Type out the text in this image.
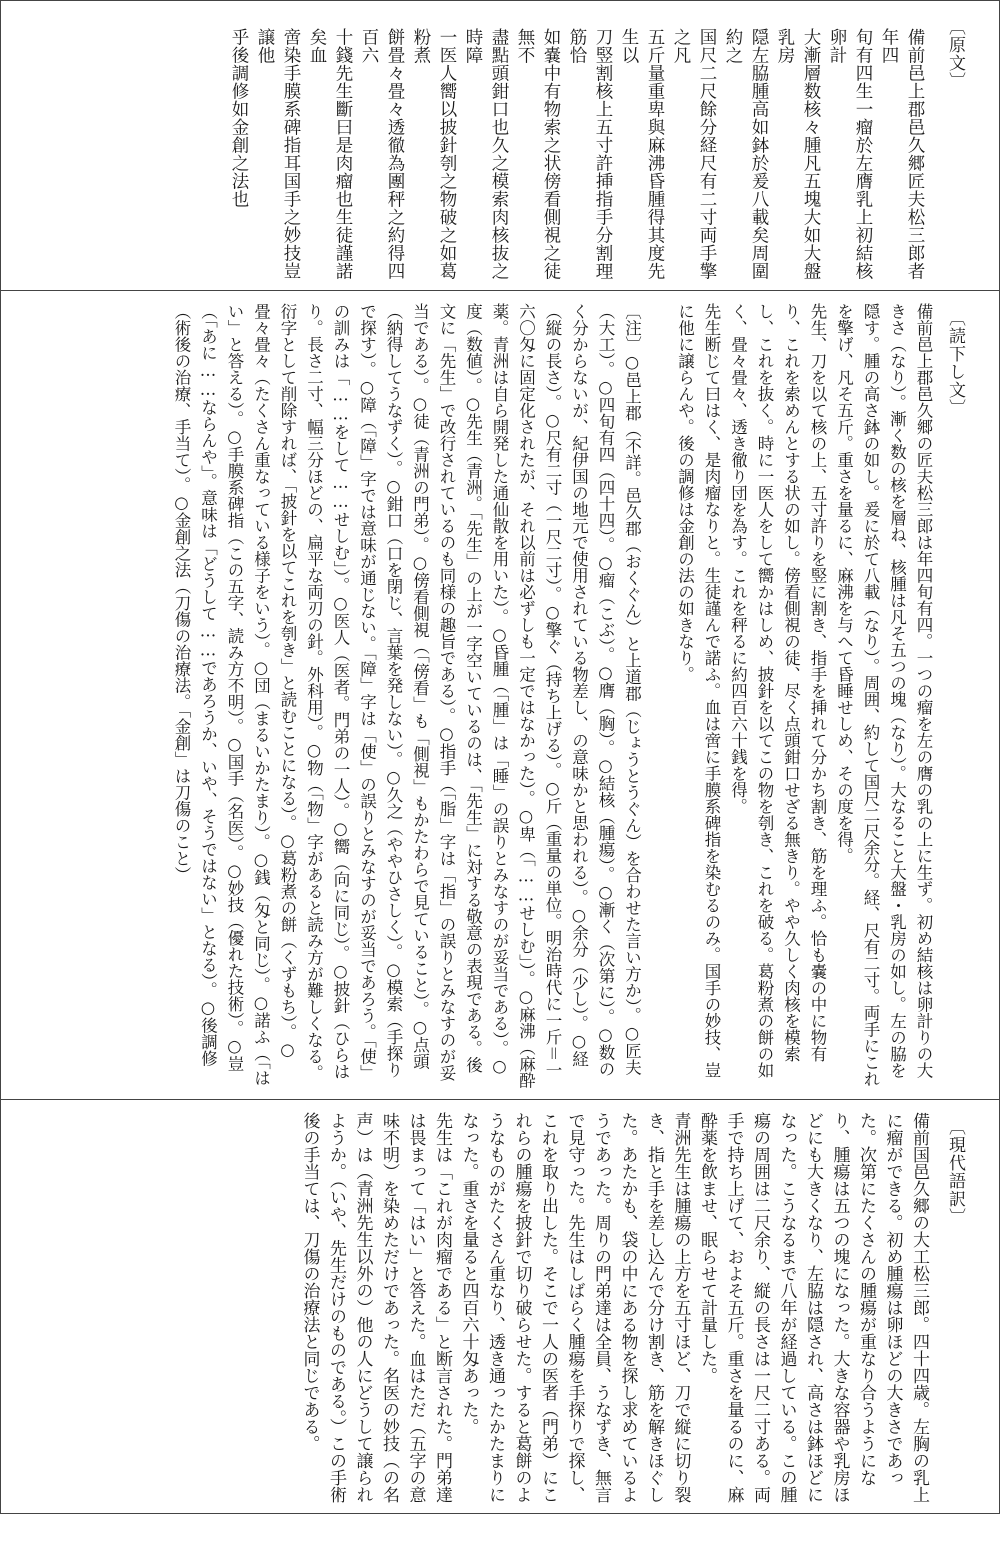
〔原文〕
備前邑上郡邑久郷匠夫松三郎者年四
旬有四生一瘤於左膺乳上初結核卵計
大漸層数核々腫凡五塊大如大盤乳房
隠左脇腫高如鉢於爰八載矣周圍約之
国尺二尺餘分経尺有二寸両手擎之凡
五斤量重卑與麻沸昏腫得其度先生以
刀竪割核上五寸許挿指手分割理筋恰
如嚢中有物索之状傍看側視之徒無不
盡點頭鉗口也久之模索肉核抜之時障
一医人嚮以披針刳之物破之如葛粉煮
餅畳々畳々透徹為團秤之約得四百六
十錢先生斷曰是肉瘤也生徒謹諾矣血
啻染手膜系碑指耳国手之妙技豈譲他
乎後調修如金創之法也
〔読下し文〕
備前邑上郡邑久郷の匠夫松三郎は年四旬有四。一つの瘤を左の膺の乳の上に生ず。初め結核は卵計りの大きさ（なり）。漸く数の核を層ね、核腫は凡そ五つの塊（なり）。大なること大盤・乳房の如し。左の脇を隠す。腫の高さ鉢の如し。爰に於て八載（なり）。周囲、約して国尺二尺余分。経、尺有二寸。両手にこれを擎げ、凡そ五斤。重さを量るに、麻沸を与へて昏睡せしめ、その度を得。
先生、刀を以て核の上、五寸許りを竪に割き、指手を挿れて分かち割き、筋を理ふ。恰も嚢の中に物有り、これを索めんとする状の如し。傍看側視の徒、尽く点頭鉗口せざる無きり。やや久しく肉核を模索し、これを抜く。時に一医人をして嚮かはしめ、披針を以てこの物を刳き、これを破る。葛粉煮の餅の如く、畳々畳々、透き徹り団を為す。これを秤るに約四百六十銭を得。
先生断じて曰はく、是肉瘤なりと。生徒謹んで諾ふ。血は啻に手膜系碑指を染むるのみ。国手の妙技、豈に他に譲らんや。後の調修は金創の法の如きなり。

〔注〕○邑上郡（不詳。邑久郡（おくぐん）と上道郡（じょうとうぐん）を合わせた言い方か）。○匠夫（大工）。○四旬有四（四十四）。○瘤（こぶ）。○膺（胸）。○結核（腫瘍）。○漸く（次第に）。○数のく分からないが、紀伊国の地元で使用されている物差し、の意味かと思われる）。○余分（少し）。○経（縦の長さ）。○尺有二寸（一尺二寸）。○擎ぐ（持ち上げる）。○斤（重量の単位。明治時代に一斤＝一六〇匁に固定化されたが、それ以前は必ずしも一定ではなかった）。○卑（「……せしむ」）。○麻沸（麻酔薬。青洲は自ら開発した通仙散を用いた）。○昏腫（「腫」は「睡」の誤りとみなすのが妥当である）。○度（数値）。○先生（青洲。「先生」の上が一字空いているのは、「先生」に対する敬意の表現である。後文に「先生」で改行されているのも同様の趣旨である）。○指手（「脂」字は「指」の誤りとみなすのが妥当である）。○徒（青洲の門弟）。○傍看側視（「傍看」も「側視」もかたわらで見ていること）。○点頭（納得してうなずく）。○鉗口（口を閉じ、言葉を発しない）。○久之（ややひさしく）。○模索（手探りで探す）。○障（「障」字では意味が通じない。「障」字は「使」の誤りとみなすのが妥当であろう。「使」の訓みは「……をして……せしむ」）。○医人（医者。門弟の一人）。○嚮（向に同じ）。○披針（ひらはり。長さ二寸、幅三分ほどの、扁平な両刃の針。外科用）。○物（「物」字があると読み方が難しくなる。衍字として削除すれば、「披針を以てこれを刳き」と読むことになる）。○葛粉煮の餅（くずもち）。○畳々畳々（たくさん重なっている様子をいう）。○団（まるいかたまり）。○銭（匁と同じ）。○諾ふ（「はい」と答える）。○手膜系碑指（この五字、読み方不明）。○国手（名医）。○妙技（優れた技術）。○豈（「あに……ならんや」。意味は「どうして……であろうか、いや、そうではない」となる）。○後調修（術後の治療、手当て）。○金創之法（刀傷の治療法。「金創」は刀傷のこと）
〔現代語訳〕
備前国邑久郷の大工松三郎。四十四歳。左胸の乳上に瘤ができる。初め腫瘍は卵ほどの大きさであった。次第にたくさんの腫瘍が重なり合うようになり、腫瘍は五つの塊になった。大きな容器や乳房ほどにも大きくなり、左脇は隠され、高さは鉢ほどになった。こうなるまで八年が経過している。この腫瘍の周囲は二尺余り、縦の長さは一尺二寸ある。両手で持ち上げて、およそ五斤。重さを量るのに、麻酔薬を飲ませ、眠らせて計量した。
青洲先生は腫瘍の上方を五寸ほど、刀で縦に切り裂き、指と手を差し込んで分け割き、筋を解きほぐした。あたかも、袋の中にある物を探し求めているようであった。周りの門弟達は全員、うなずき、無言で見守った。先生はしばらく腫瘍を手探りで探し、これを取り出した。そこで一人の医者（門弟）にこれらの腫瘍を披針で切り破らせた。すると葛餅のようなものがたくさん重なり、透き通ったかたまりになった。重さを量ると四百六十匁あった。
先生は「これが肉瘤である」と断言された。門弟達は畏まって「はい」と答えた。血はただ（五字の意味不明）を染めただけであった。名医の妙技（の名声）は（青洲先生以外の）他の人にどうして譲られようか。（いや、先生だけのものである。）この手術後の手当ては、刀傷の治療法と同じである。
